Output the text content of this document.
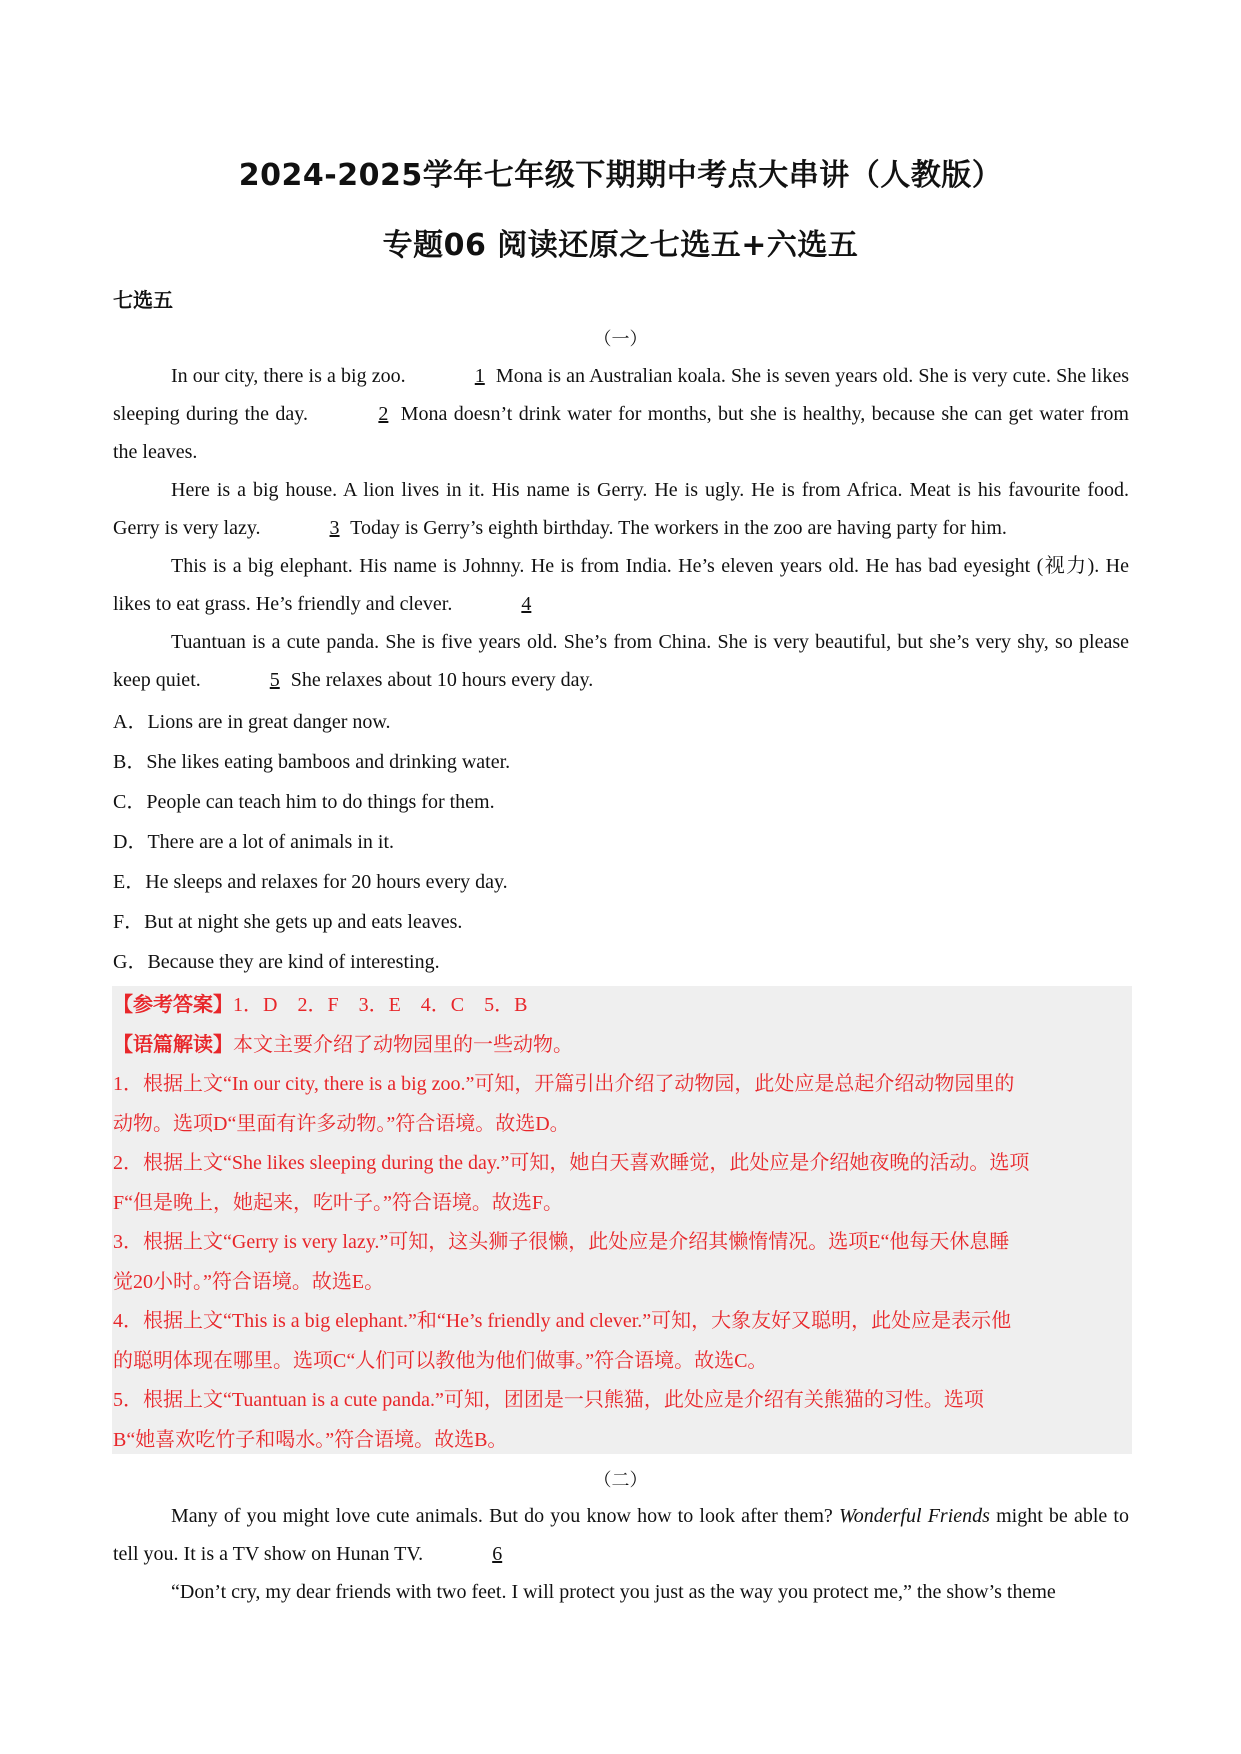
2024-2025学年七年级下期期中考点大串讲（人教版）
专题06 阅读还原之七选五+六选五
七选五
（一）

In our city, there is a big zoo.	1 Mona is an Australian koala. She is seven years old. She is very cute. She likes sleeping during the day.	2 Mona doesn’t drink water for months, but she is healthy, because she can get water from the leaves.

Here is a big house. A lion lives in it. His name is Gerry. He is ugly. He is from Africa. Meat is his favourite food. Gerry is very lazy.	3 Today is Gerry’s eighth birthday. The workers in the zoo are having party for him.

This is a big elephant. His name is Johnny. He is from India. He’s eleven years old. He has bad eyesight (视力). He likes to eat grass. He’s friendly and clever.	4

Tuantuan is a cute panda. She is five years old. She’s from China. She is very beautiful, but she’s very shy, so please keep quiet.	5 She relaxes about 10 hours every day.

A．Lions are in great danger now.
B．She likes eating bamboos and drinking water.
C．People can teach him to do things for them.
D．There are a lot of animals in it.
E．He sleeps and relaxes for 20 hours every day.
F．But at night she gets up and eats leaves.
G．Because they are kind of interesting.
【参考答案】1．D　2．F　3．E　4．C　5．B
【语篇解读】本文主要介绍了动物园里的一些动物。
1．根据上文“In our city, there is a big zoo.”可知，开篇引出介绍了动物园，此处应是总起介绍动物园里的
动物。选项D“里面有许多动物。”符合语境。故选D。
2．根据上文“She likes sleeping during the day.”可知，她白天喜欢睡觉，此处应是介绍她夜晚的活动。选项
F“但是晚上，她起来，吃叶子。”符合语境。故选F。
3．根据上文“Gerry is very lazy.”可知，这头狮子很懒，此处应是介绍其懒惰情况。选项E“他每天休息睡
觉20小时。”符合语境。故选E。
4．根据上文“This is a big elephant.”和“He’s friendly and clever.”可知，大象友好又聪明，此处应是表示他
的聪明体现在哪里。选项C“人们可以教他为他们做事。”符合语境。故选C。
5．根据上文“Tuantuan is a cute panda.”可知，团团是一只熊猫，此处应是介绍有关熊猫的习性。选项
B“她喜欢吃竹子和喝水。”符合语境。故选B。
（二）

Many of you might love cute animals. But do you know how to look after them? Wonderful Friends might be able to tell you. It is a TV show on Hunan TV.	6

“Don’t cry, my dear friends with two feet. I will protect you just as the way you protect me,” the show’s theme
